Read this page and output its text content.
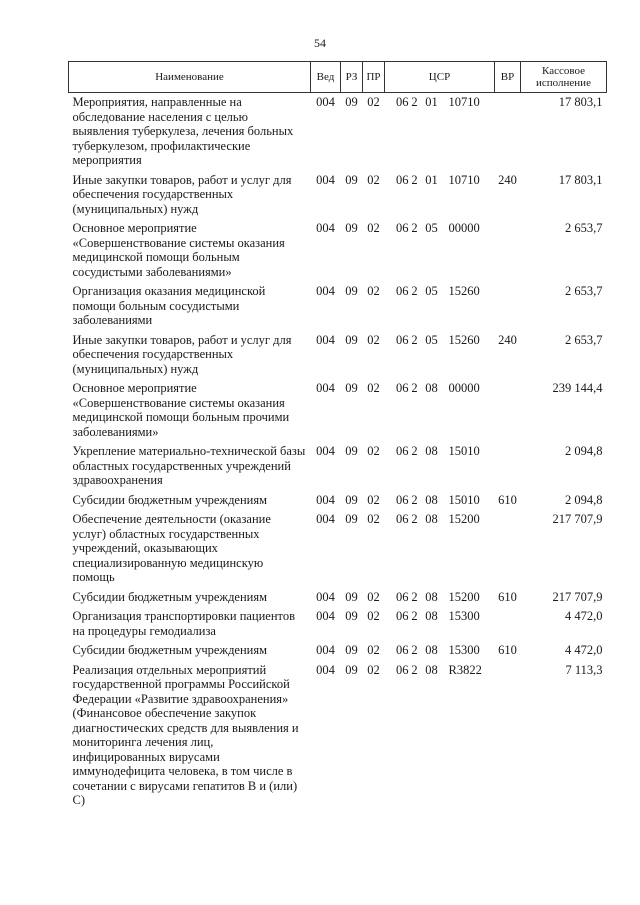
54
Наименование	Вед	РЗ	ПР	ЦСР	ВР	Кассовое исполнение
Мероприятия, направленные на обследование населения с целью выявления туберкулеза, лечения больных туберкулезом, профилактические мероприятия	004	09	02	06 2 01 10710		17 803,1
Иные закупки товаров, работ и услуг для обеспечения государственных (муниципальных) нужд	004	09	02	06 2 01 10710	240	17 803,1
Основное мероприятие «Совершенствование системы оказания медицинской помощи больным сосудистыми заболеваниями»	004	09	02	06 2 05 00000		2 653,7
Организация оказания медицинской помощи больным сосудистыми заболеваниями	004	09	02	06 2 05 15260		2 653,7
Иные закупки товаров, работ и услуг для обеспечения государственных (муниципальных) нужд	004	09	02	06 2 05 15260	240	2 653,7
Основное мероприятие «Совершенствование системы оказания медицинской помощи больным прочими заболеваниями»	004	09	02	06 2 08 00000		239 144,4
Укрепление материально-технической базы областных государственных учреждений здравоохранения	004	09	02	06 2 08 15010		2 094,8
Субсидии бюджетным учреждениям	004	09	02	06 2 08 15010	610	2 094,8
Обеспечение деятельности (оказание услуг) областных государственных учреждений, оказывающих специализированную медицинскую помощь	004	09	02	06 2 08 15200		217 707,9
Субсидии бюджетным учреждениям	004	09	02	06 2 08 15200	610	217 707,9
Организация транспортировки пациентов на процедуры гемодиализа	004	09	02	06 2 08 15300		4 472,0
Субсидии бюджетным учреждениям	004	09	02	06 2 08 15300	610	4 472,0
Реализация отдельных мероприятий государственной программы Российской Федерации «Развитие здравоохранения» (Финансовое обеспечение закупок диагностических средств для выявления и мониторинга лечения лиц, инфицированных вирусами иммунодефицита человека, в том числе в сочетании с вирусами гепатитов В и (или) С)	004	09	02	06 2 08 R3822		7 113,3
